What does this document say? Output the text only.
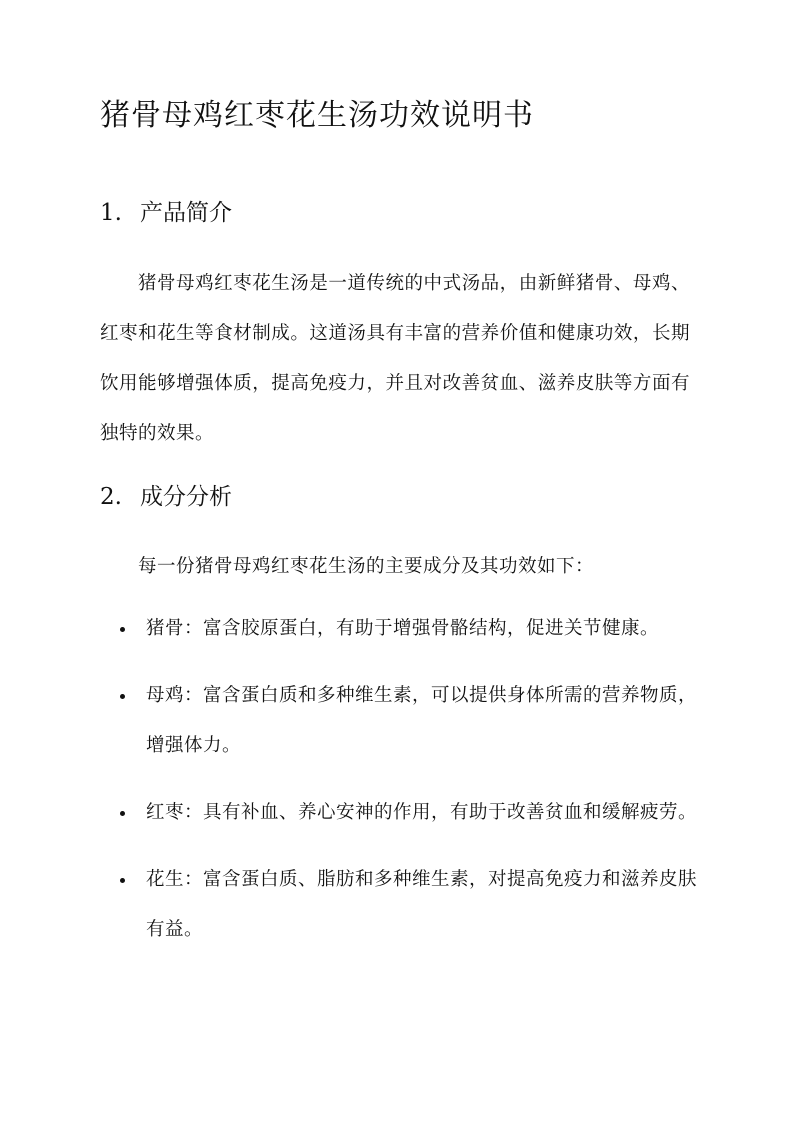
猪骨母鸡红枣花生汤功效说明书
1. 产品简介

猪骨母鸡红枣花生汤是一道传统的中式汤品，由新鲜猪骨、母鸡、红枣和花生等食材制成。这道汤具有丰富的营养价值和健康功效，长期饮用能够增强体质，提高免疫力，并且对改善贫血、滋养皮肤等方面有独特的效果。

2. 成分分析

每一份猪骨母鸡红枣花生汤的主要成分及其功效如下：

猪骨：富含胶原蛋白，有助于增强骨骼结构，促进关节健康。
母鸡：富含蛋白质和多种维生素，可以提供身体所需的营养物质，增强体力。
红枣：具有补血、养心安神的作用，有助于改善贫血和缓解疲劳。
花生：富含蛋白质、脂肪和多种维生素，对提高免疫力和滋养皮肤有益。
